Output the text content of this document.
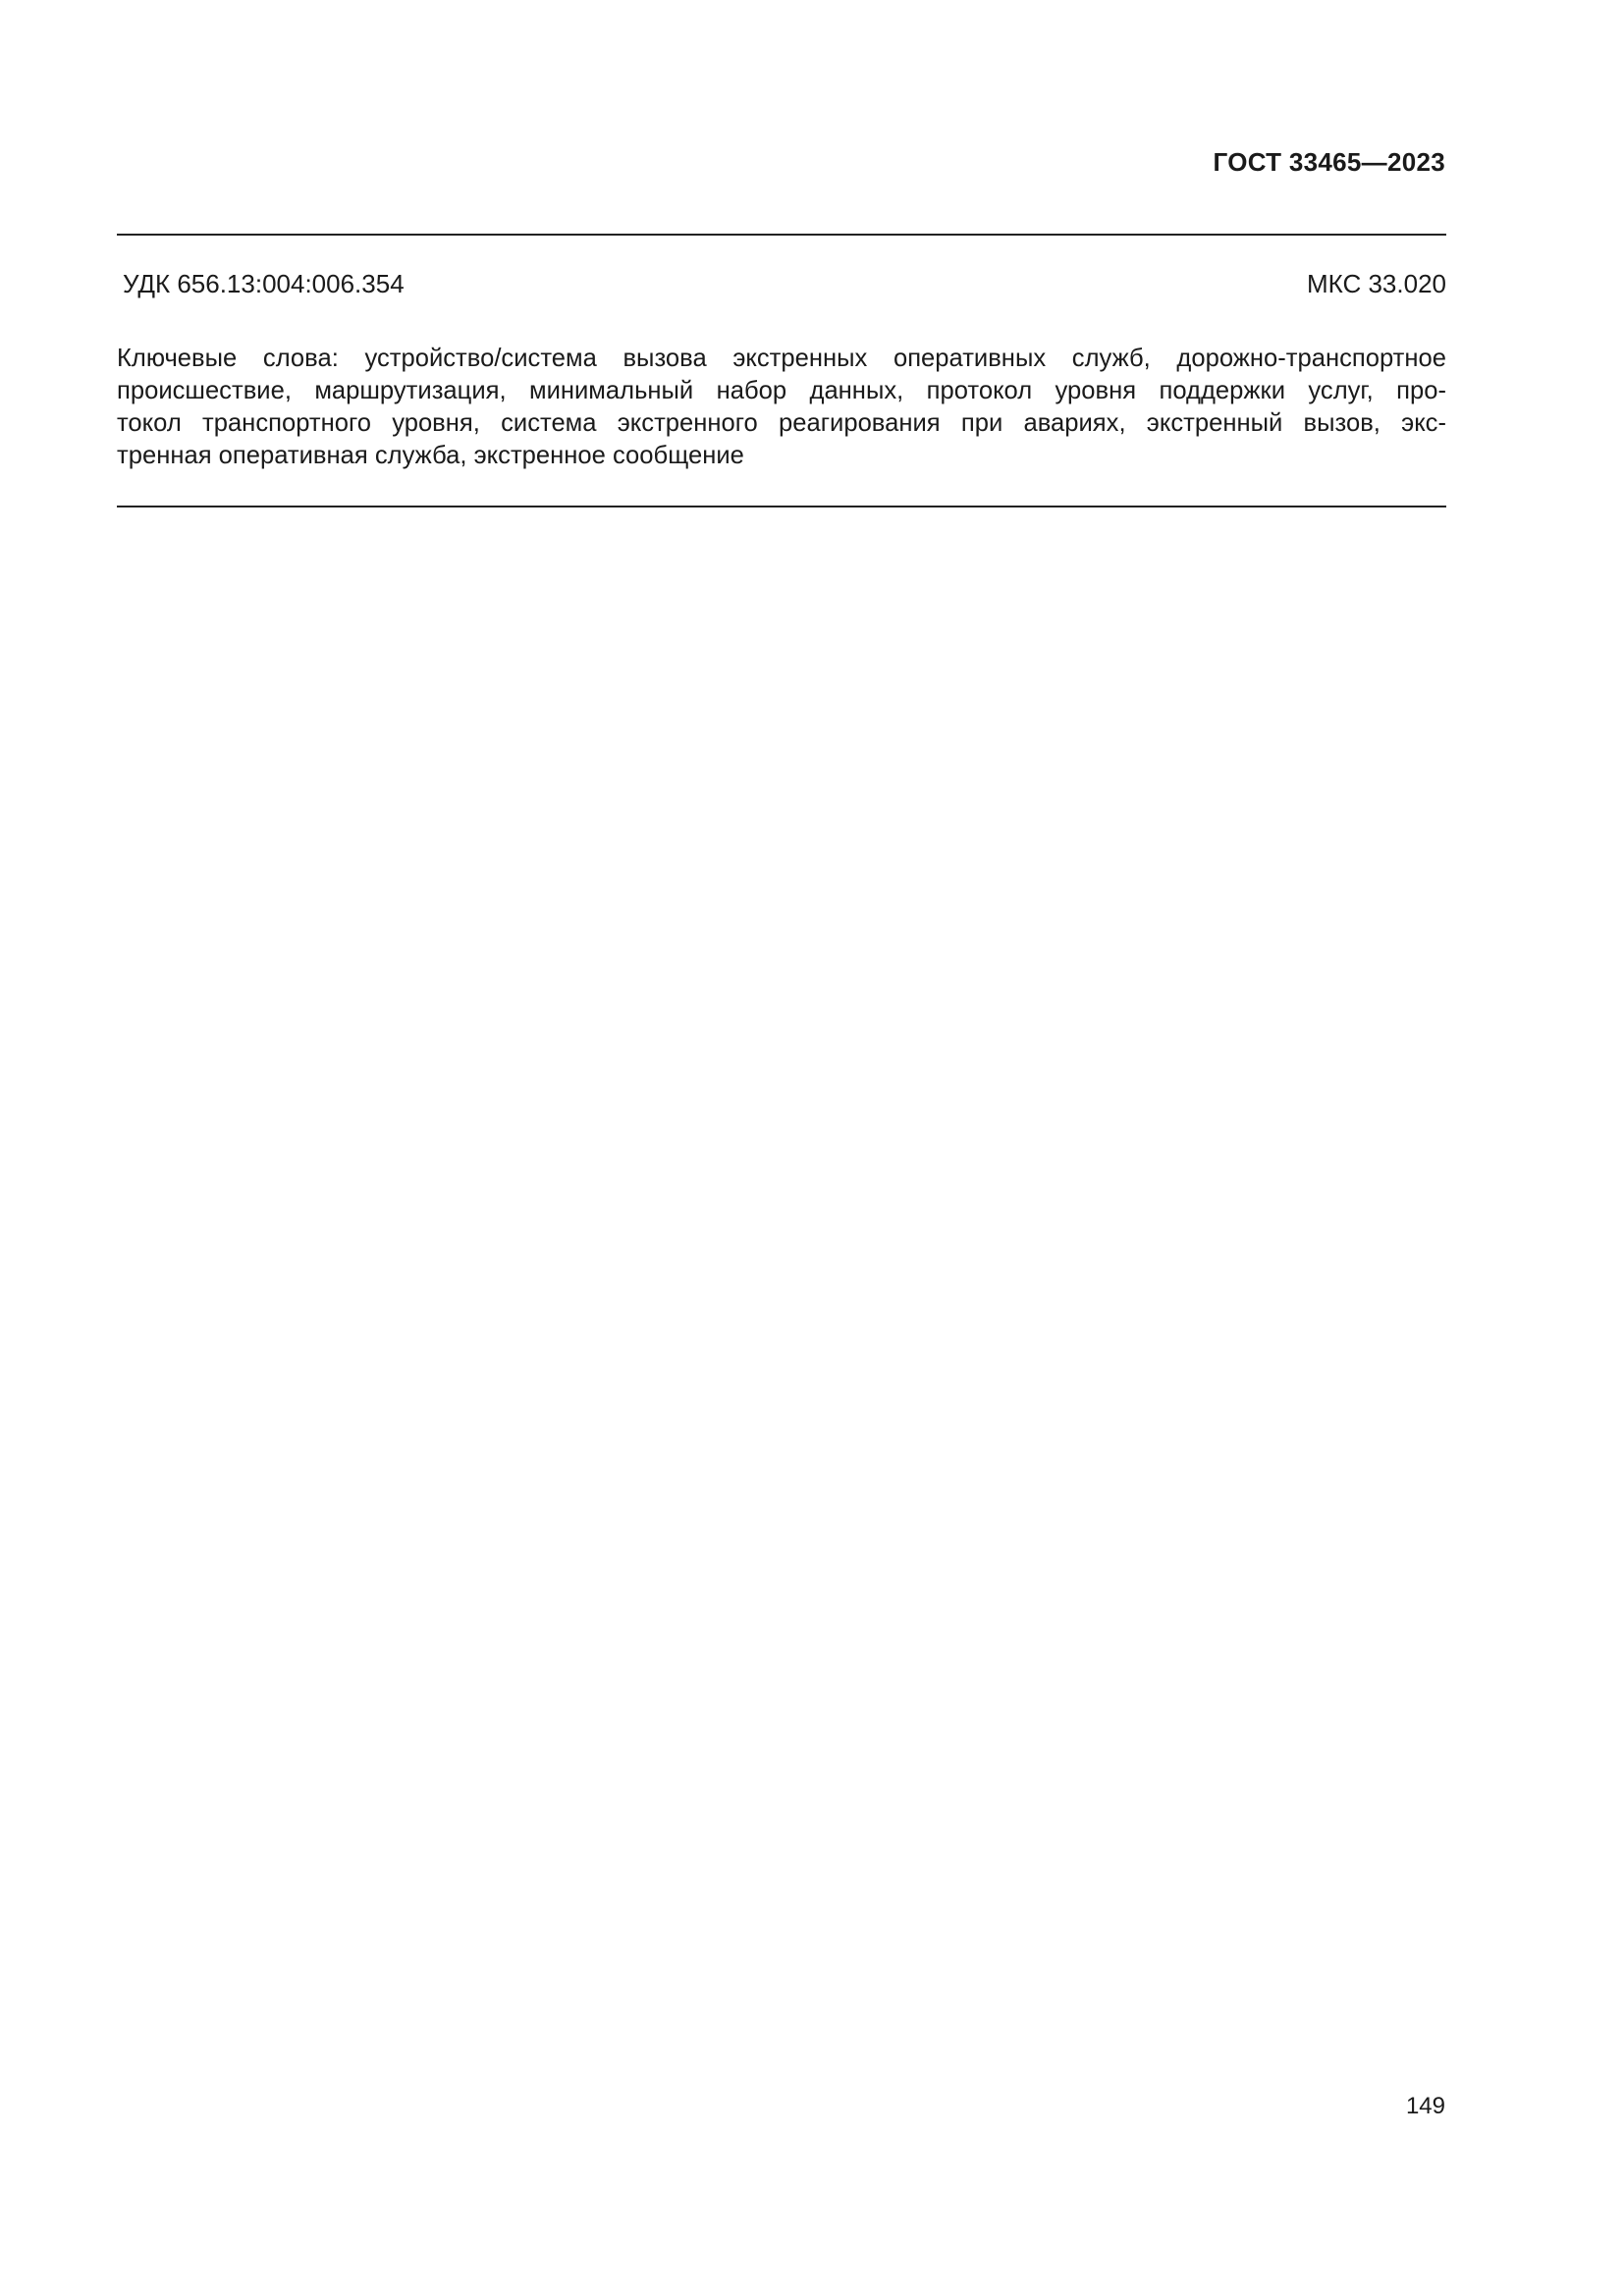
ГОСТ 33465—2023
УДК 656.13:004:006.354	МКС 33.020
Ключевые слова: устройство/система вызова экстренных оперативных служб, дорожно-транспортное
происшествие, маршрутизация, минимальный набор данных, протокол уровня поддержки услуг, про-
токол транспортного уровня, система экстренного реагирования при авариях, экстренный вызов, экс-
тренная оперативная служба, экстренное сообщение
149
